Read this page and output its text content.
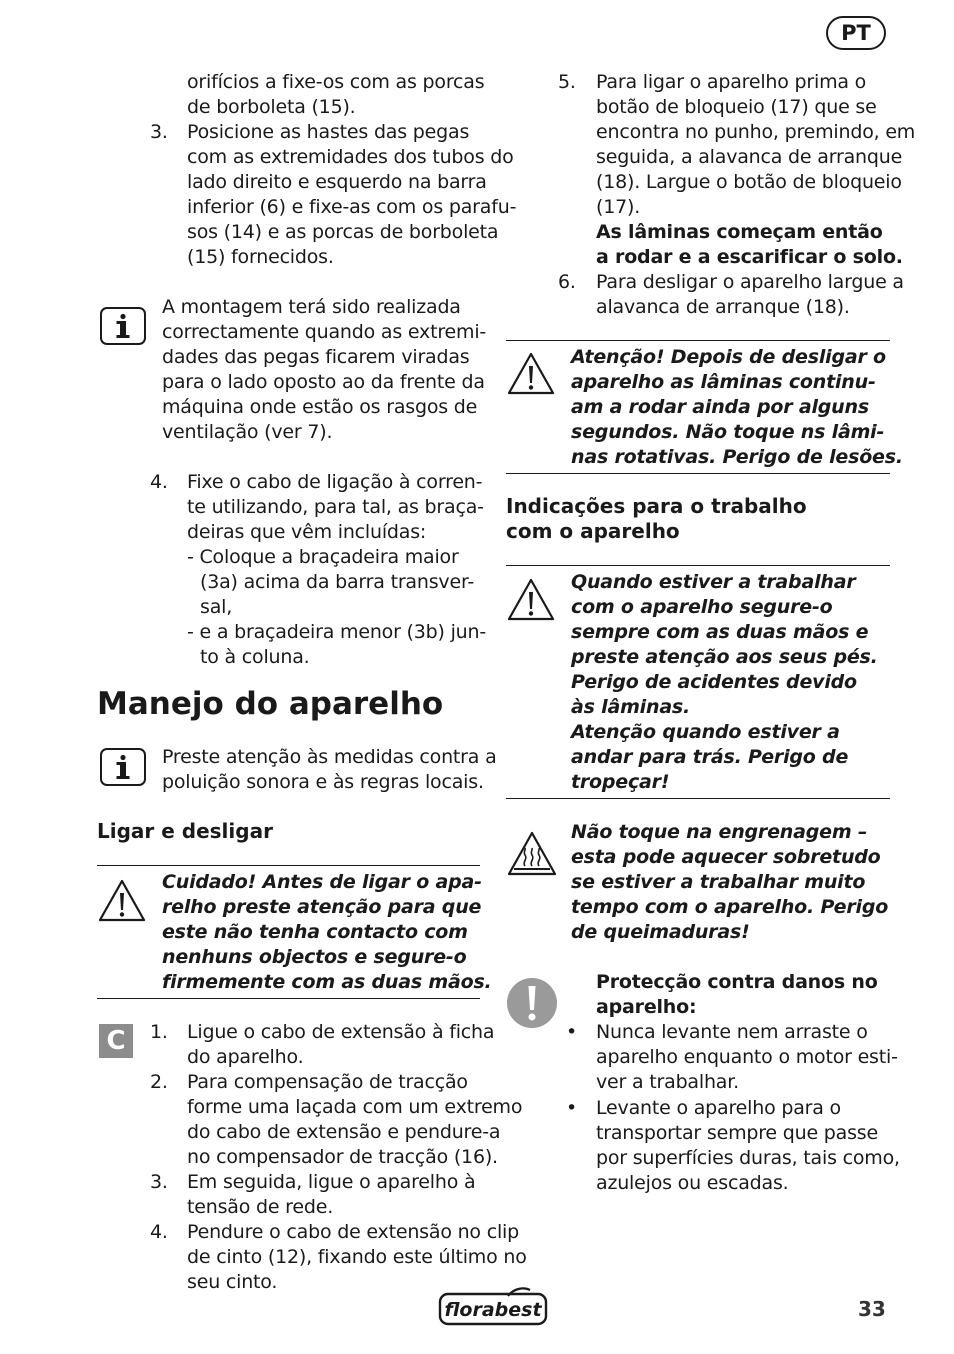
PT
orifícios a fixe-os com as porcas
de borboleta (15).
3. Posicione as hastes das pegas
com as extremidades dos tubos do
lado direito e esquerdo na barra
inferior (6) e fixe-as com os parafu-
sos (14) e as porcas de borboleta
(15) fornecidos.
A montagem terá sido realizada
correctamente quando as extremi-
dades das pegas ficarem viradas
para o lado oposto ao da frente da
máquina onde estão os rasgos de
ventilação (ver 7).
4. Fixe o cabo de ligação à corren-
te utilizando, para tal, as braça-
deiras que vêm incluídas:
- Coloque a braçadeira maior
(3a) acima da barra transver-
sal,
- e a braçadeira menor (3b) jun-
to à coluna.
Manejo do aparelho
Preste atenção às medidas contra a
poluição sonora e às regras locais.
Ligar e desligar
Cuidado! Antes de ligar o apa-
relho preste atenção para que
este não tenha contacto com
nenhuns objectos e segure-o
firmemente com as duas mãos.
C	1. Ligue o cabo de extensão à ficha
do aparelho.
2. Para compensação de tracção
forme uma laçada com um extremo
do cabo de extensão e pendure-a
no compensador de tracção (16).
3. Em seguida, ligue o aparelho à
tensão de rede.
4. Pendure o cabo de extensão no clip
de cinto (12), fixando este último no
seu cinto.
5. Para ligar o aparelho prima o
botão de bloqueio (17) que se
encontra no punho, premindo, em
seguida, a alavanca de arranque
(18). Largue o botão de bloqueio
(17).
As lâminas começam então
a rodar e a escarificar o solo.
6. Para desligar o aparelho largue a
alavanca de arranque (18).
Atenção! Depois de desligar o
aparelho as lâminas continu-
am a rodar ainda por alguns
segundos. Não toque ns lâmi-
nas rotativas. Perigo de lesões.
Indicações para o trabalho
com o aparelho
Quando estiver a trabalhar
com o aparelho segure-o
sempre com as duas mãos e
preste atenção aos seus pés.
Perigo de acidentes devido
às lâminas.
Atenção quando estiver a
andar para trás. Perigo de
tropeçar!
Não toque na engrenagem –
esta pode aquecer sobretudo
se estiver a trabalhar muito
tempo com o aparelho. Perigo
de queimaduras!
Protecção contra danos no
aparelho:
• Nunca levante nem arraste o
aparelho enquanto o motor esti-
ver a trabalhar.
• Levante o aparelho para o
transportar sempre que passe
por superfícies duras, tais como,
azulejos ou escadas.
florabest	33
